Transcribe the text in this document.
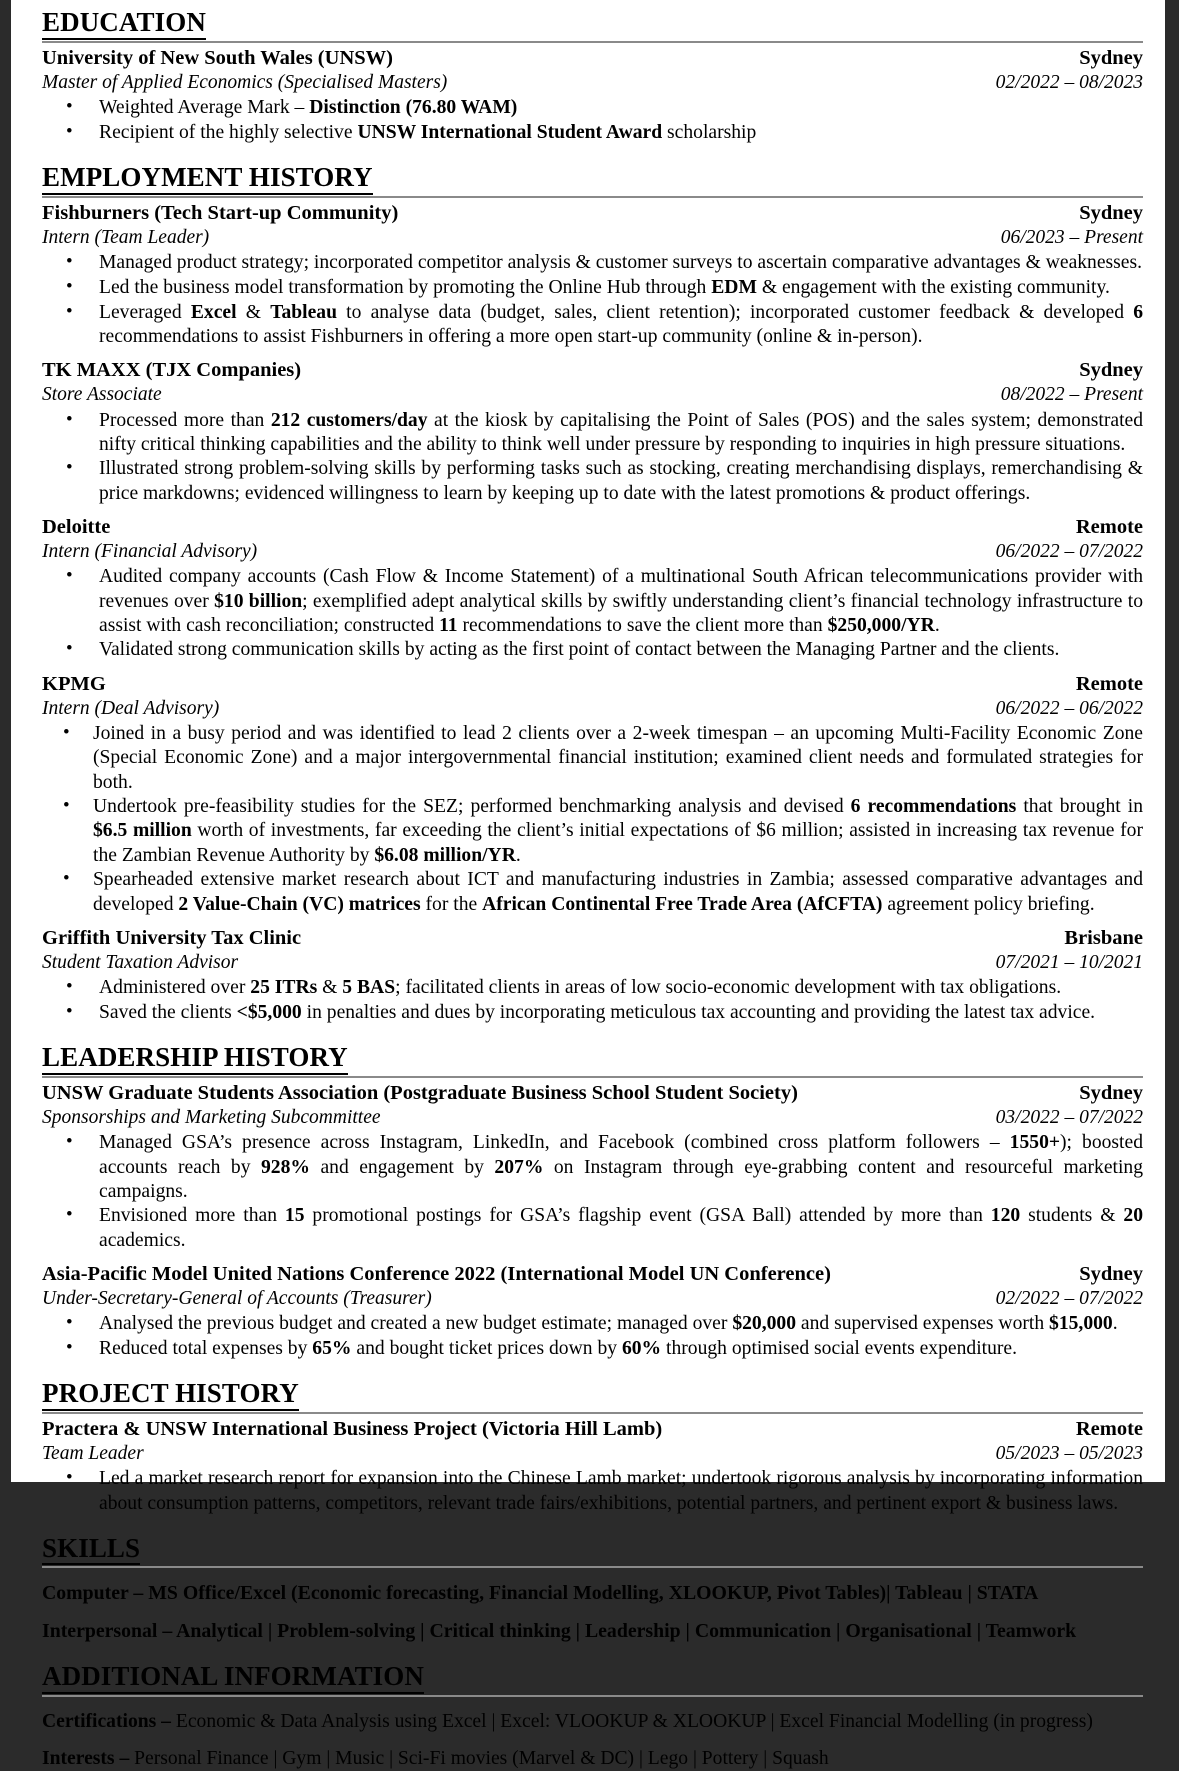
EDUCATION
University of New South Wales (UNSW)	Sydney
Master of Applied Economics (Specialised Masters)	02/2022 – 08/2023
• Weighted Average Mark – Distinction (76.80 WAM)
• Recipient of the highly selective UNSW International Student Award scholarship
EMPLOYMENT HISTORY
Fishburners (Tech Start-up Community)	Sydney
Intern (Team Leader)	06/2023 – Present
• Managed product strategy; incorporated competitor analysis & customer surveys to ascertain comparative advantages & weaknesses.
• Led the business model transformation by promoting the Online Hub through EDM & engagement with the existing community.
• Leveraged Excel & Tableau to analyse data (budget, sales, client retention); incorporated customer feedback & developed 6 recommendations to assist Fishburners in offering a more open start-up community (online & in-person).
TK MAXX (TJX Companies)	Sydney
Store Associate	08/2022 – Present
• Processed more than 212 customers/day at the kiosk by capitalising the Point of Sales (POS) and the sales system; demonstrated nifty critical thinking capabilities and the ability to think well under pressure by responding to inquiries in high pressure situations.
• Illustrated strong problem-solving skills by performing tasks such as stocking, creating merchandising displays, remerchandising & price markdowns; evidenced willingness to learn by keeping up to date with the latest promotions & product offerings.
Deloitte	Remote
Intern (Financial Advisory)	06/2022 – 07/2022
• Audited company accounts (Cash Flow & Income Statement) of a multinational South African telecommunications provider with revenues over $10 billion; exemplified adept analytical skills by swiftly understanding client’s financial technology infrastructure to assist with cash reconciliation; constructed 11 recommendations to save the client more than $250,000/YR.
• Validated strong communication skills by acting as the first point of contact between the Managing Partner and the clients.
KPMG	Remote
Intern (Deal Advisory)	06/2022 – 06/2022
• Joined in a busy period and was identified to lead 2 clients over a 2-week timespan – an upcoming Multi-Facility Economic Zone (Special Economic Zone) and a major intergovernmental financial institution; examined client needs and formulated strategies for both.
• Undertook pre-feasibility studies for the SEZ; performed benchmarking analysis and devised 6 recommendations that brought in $6.5 million worth of investments, far exceeding the client’s initial expectations of $6 million; assisted in increasing tax revenue for the Zambian Revenue Authority by $6.08 million/YR.
• Spearheaded extensive market research about ICT and manufacturing industries in Zambia; assessed comparative advantages and developed 2 Value-Chain (VC) matrices for the African Continental Free Trade Area (AfCFTA) agreement policy briefing.
Griffith University Tax Clinic	Brisbane
Student Taxation Advisor	07/2021 – 10/2021
• Administered over 25 ITRs & 5 BAS; facilitated clients in areas of low socio-economic development with tax obligations.
• Saved the clients <$5,000 in penalties and dues by incorporating meticulous tax accounting and providing the latest tax advice.
LEADERSHIP HISTORY
UNSW Graduate Students Association (Postgraduate Business School Student Society)	Sydney
Sponsorships and Marketing Subcommittee	03/2022 – 07/2022
• Managed GSA’s presence across Instagram, LinkedIn, and Facebook (combined cross platform followers – 1550+); boosted accounts reach by 928% and engagement by 207% on Instagram through eye-grabbing content and resourceful marketing campaigns.
• Envisioned more than 15 promotional postings for GSA’s flagship event (GSA Ball) attended by more than 120 students & 20 academics.
Asia-Pacific Model United Nations Conference 2022 (International Model UN Conference)	Sydney
Under-Secretary-General of Accounts (Treasurer)	02/2022 – 07/2022
• Analysed the previous budget and created a new budget estimate; managed over $20,000 and supervised expenses worth $15,000.
• Reduced total expenses by 65% and bought ticket prices down by 60% through optimised social events expenditure.
PROJECT HISTORY
Practera & UNSW International Business Project (Victoria Hill Lamb)	Remote
Team Leader	05/2023 – 05/2023
• Led a market research report for expansion into the Chinese Lamb market; undertook rigorous analysis by incorporating information about consumption patterns, competitors, relevant trade fairs/exhibitions, potential partners, and pertinent export & business laws.
SKILLS
Computer – MS Office/Excel (Economic forecasting, Financial Modelling, XLOOKUP, Pivot Tables)| Tableau | STATA
Interpersonal – Analytical | Problem-solving | Critical thinking | Leadership | Communication | Organisational | Teamwork
ADDITIONAL INFORMATION
Certifications – Economic & Data Analysis using Excel | Excel: VLOOKUP & XLOOKUP | Excel Financial Modelling (in progress)
Interests – Personal Finance | Gym | Music | Sci-Fi movies (Marvel & DC) | Lego | Pottery | Squash
